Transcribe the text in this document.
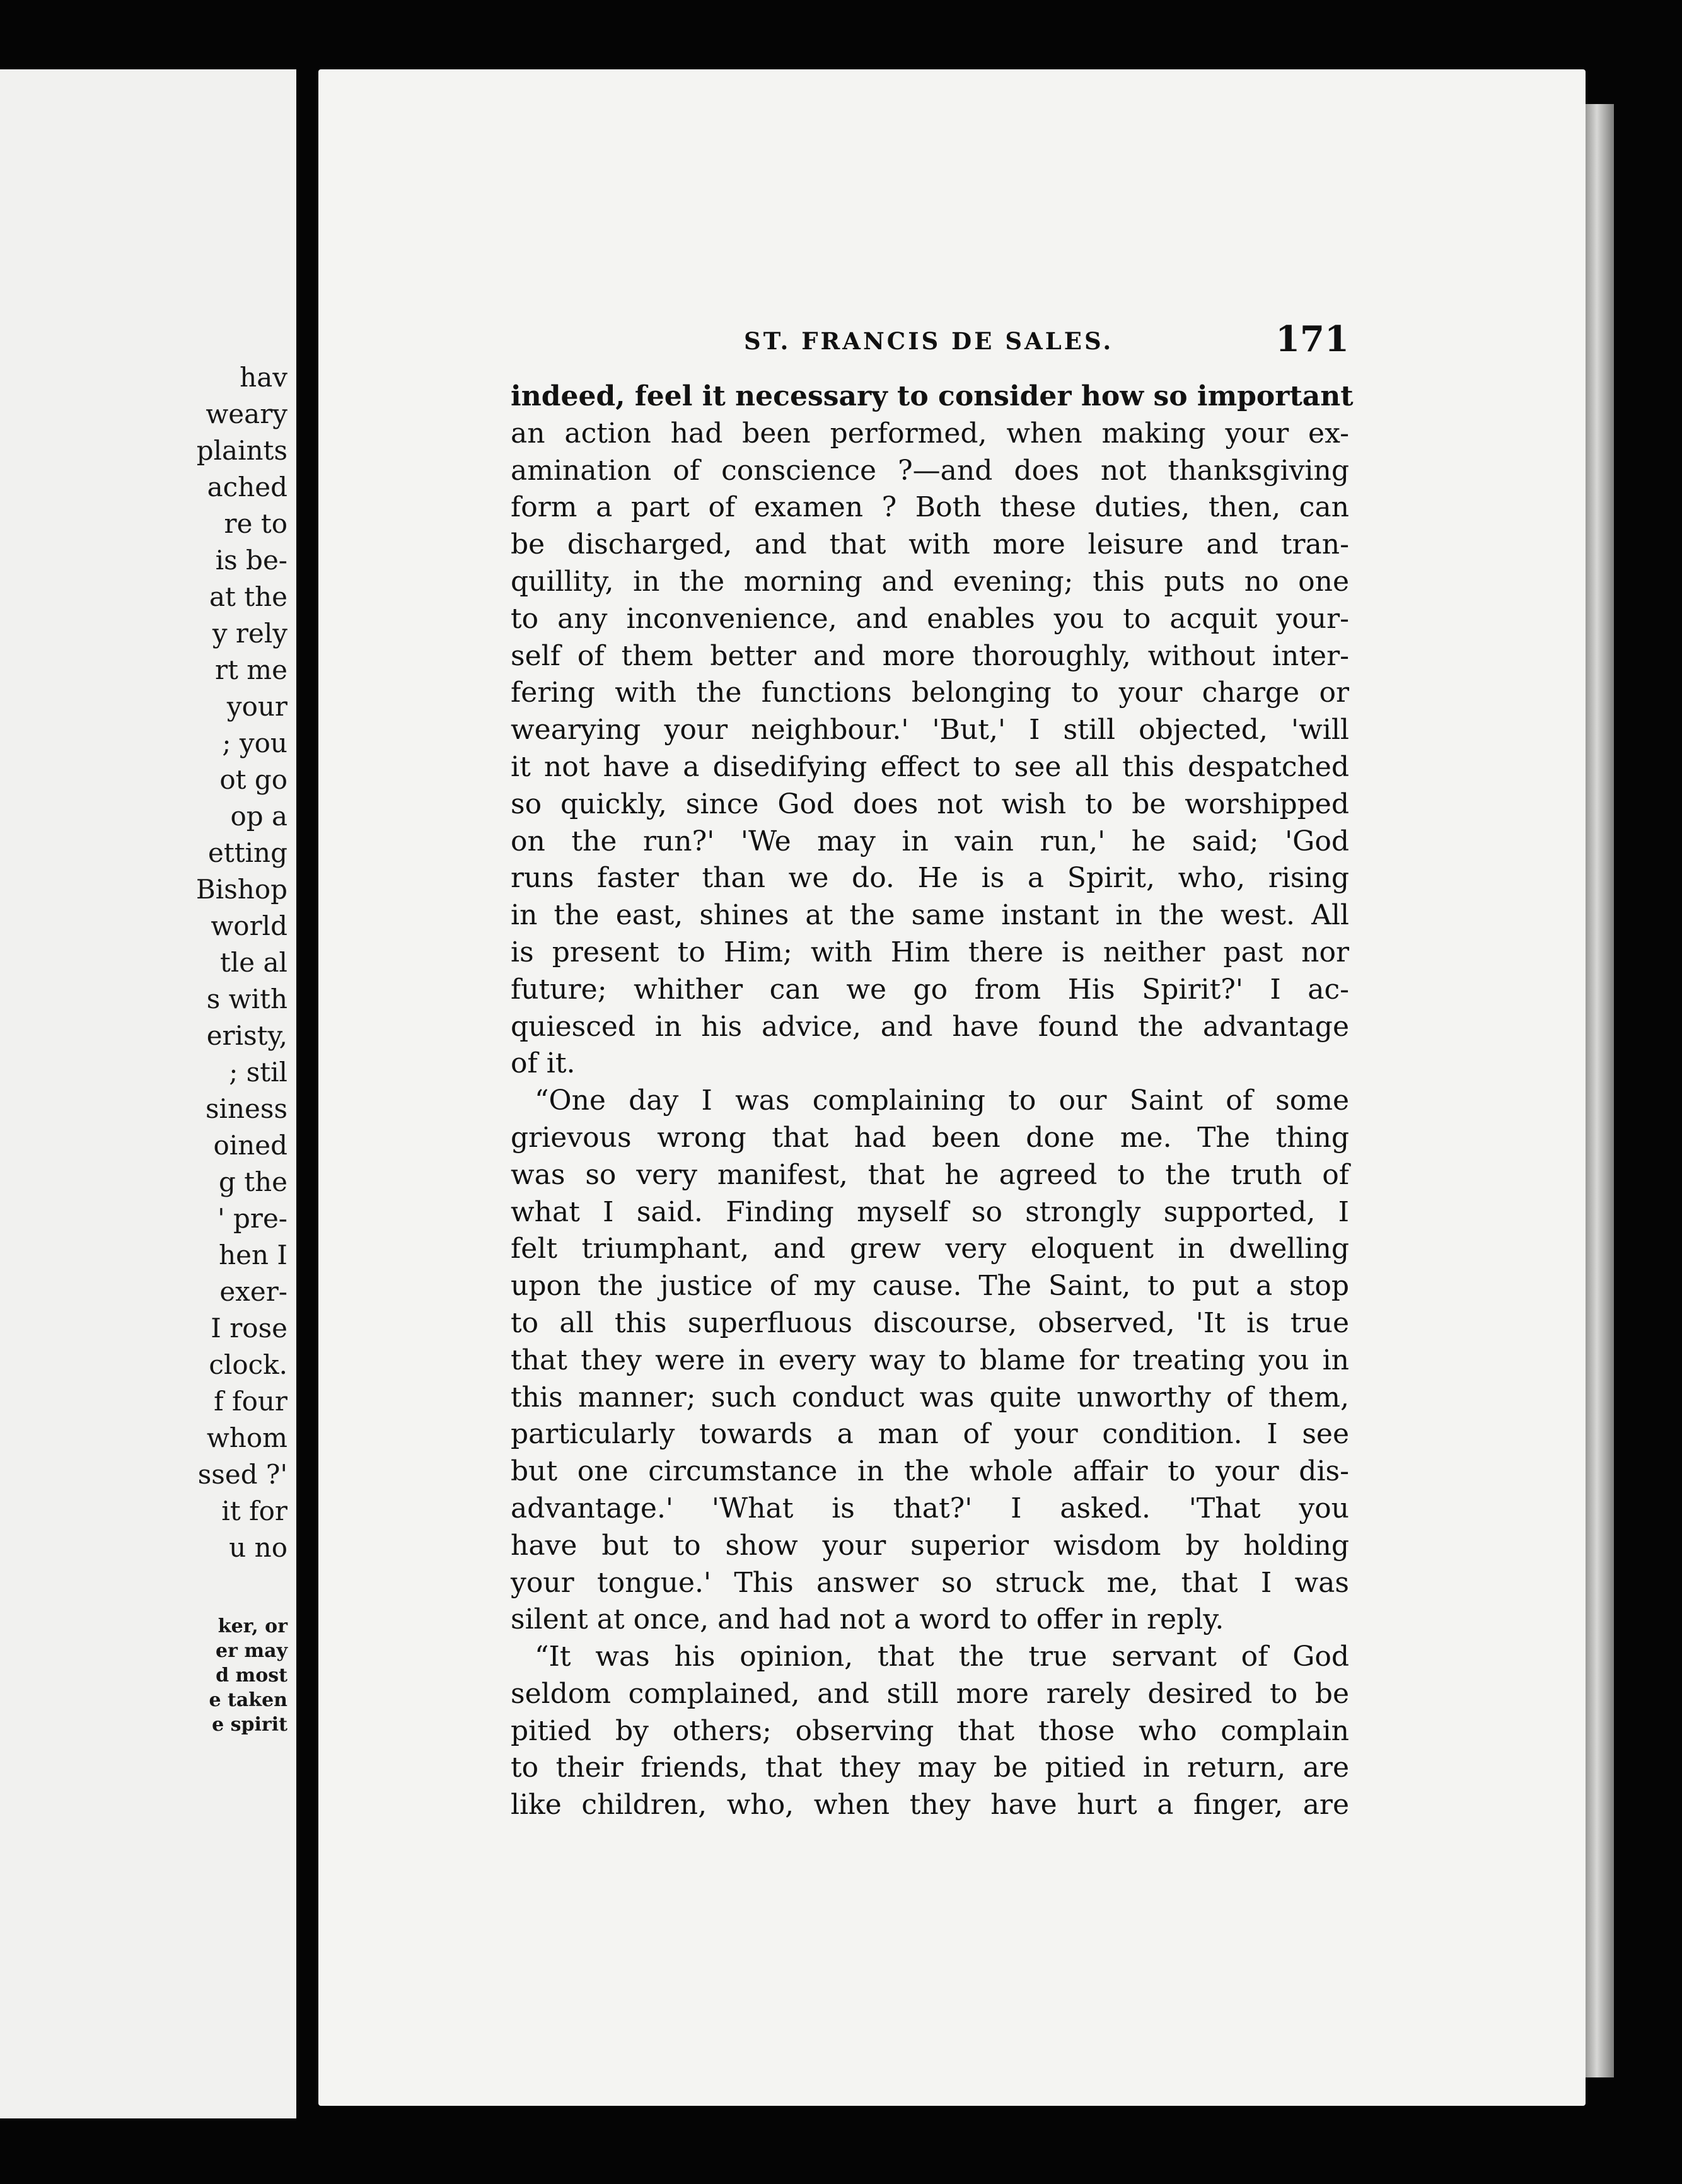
hav
weary
plaints
ached
re to
is be-
at the
y rely
rt me
your
; you
ot go
op a
etting
Bishop
world
tle al
s with
eristy,
; stil
siness
oined
g the
' pre-
hen I
exer-
I rose
clock.
f four
whom
ssed ?'
it for
u no
ker, or
er may
d most
e taken
e spirit
ST. FRANCIS DE SALES.	171
indeed, feel it necessary to consider how so important
an action had been performed, when making your ex-
amination of conscience ?—and does not thanksgiving
form a part of examen ? Both these duties, then, can
be discharged, and that with more leisure and tran-
quillity, in the morning and evening; this puts no one
to any inconvenience, and enables you to acquit your-
self of them better and more thoroughly, without inter-
fering with the functions belonging to your charge or
wearying your neighbour.' 'But,' I still objected, 'will
it not have a disedifying effect to see all this despatched
so quickly, since God does not wish to be worshipped
on the run?' 'We may in vain run,' he said; 'God
runs faster than we do. He is a Spirit, who, rising
in the east, shines at the same instant in the west. All
is present to Him; with Him there is neither past nor
future; whither can we go from His Spirit?' I ac-
quiesced in his advice, and have found the advantage
of it.
“One day I was complaining to our Saint of some
grievous wrong that had been done me. The thing
was so very manifest, that he agreed to the truth of
what I said. Finding myself so strongly supported, I
felt triumphant, and grew very eloquent in dwelling
upon the justice of my cause. The Saint, to put a stop
to all this superfluous discourse, observed, 'It is true
that they were in every way to blame for treating you in
this manner; such conduct was quite unworthy of them,
particularly towards a man of your condition. I see
but one circumstance in the whole affair to your dis-
advantage.' 'What is that?' I asked. 'That you
have but to show your superior wisdom by holding
your tongue.' This answer so struck me, that I was
silent at once, and had not a word to offer in reply.
“It was his opinion, that the true servant of God
seldom complained, and still more rarely desired to be
pitied by others; observing that those who complain
to their friends, that they may be pitied in return, are
like children, who, when they have hurt a finger, are
